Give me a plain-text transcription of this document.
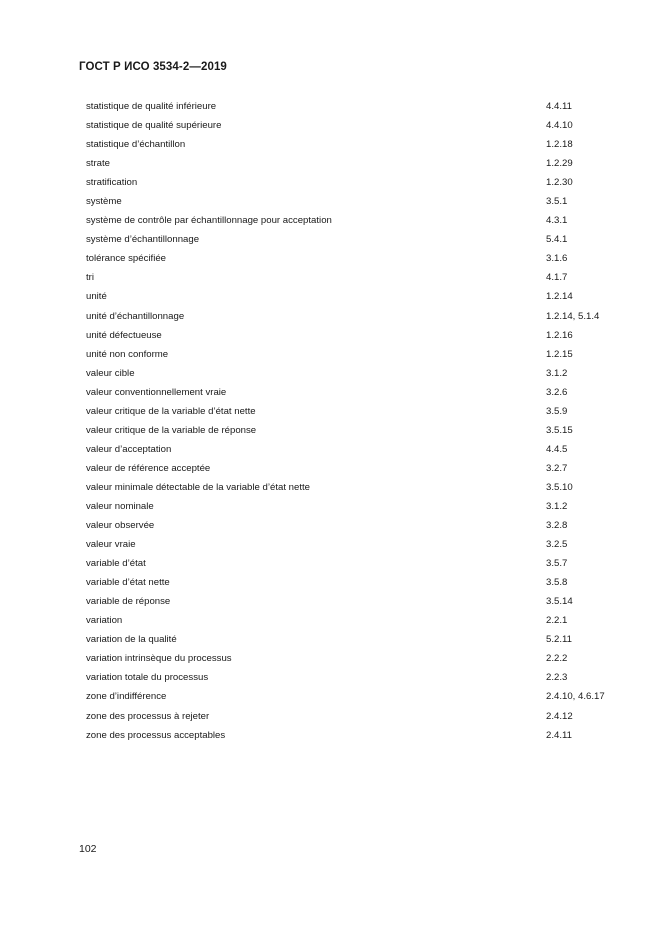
ГОСТ Р ИСО 3534-2—2019
statistique de qualité inférieure	4.4.11
statistique de qualité supérieure	4.4.10
statistique d’échantillon	1.2.18
strate	1.2.29
stratification	1.2.30
système	3.5.1
système de contrôle par échantillonnage pour acceptation	4.3.1
système d’échantillonnage	5.4.1
tolérance spécifiée	3.1.6
tri	4.1.7
unité	1.2.14
unité d’échantillonnage	1.2.14, 5.1.4
unité défectueuse	1.2.16
unité non conforme	1.2.15
valeur cible	3.1.2
valeur conventionnellement vraie	3.2.6
valeur critique de la variable d’état nette	3.5.9
valeur critique de la variable de réponse	3.5.15
valeur d’acceptation	4.4.5
valeur de référence acceptée	3.2.7
valeur minimale détectable de la variable d’état nette	3.5.10
valeur nominale	3.1.2
valeur observée	3.2.8
valeur vraie	3.2.5
variable d’état	3.5.7
variable d’état nette	3.5.8
variable de réponse	3.5.14
variation	2.2.1
variation de la qualité	5.2.11
variation intrinsèque du processus	2.2.2
variation totale du processus	2.2.3
zone d’indifférence	2.4.10, 4.6.17
zone des processus à rejeter	2.4.12
zone des processus acceptables	2.4.11
102
